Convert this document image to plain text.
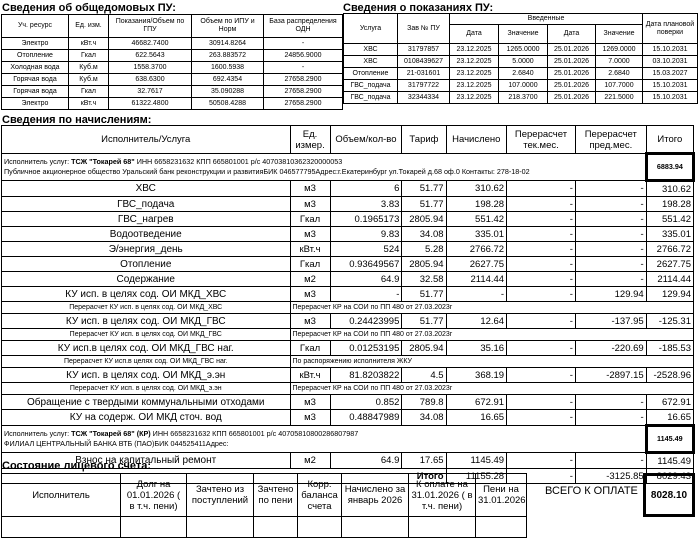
Сведения об общедомовых ПУ:
Уч. ресурс	Ед. изм.	Показания/Объем по ГПУ	Объем по ИПУ и Норм	База распределения ОДН
Электро	кВт.ч	46682.7400	30914.8264	-
Отопление	Гкал	622.5643	263.883572	24856.9000
Холодная вода	Куб.м	1558.3700	1600.5938	-
Горячая вода	Куб.м	638.6300	692.4354	27658.2900
Горячая вода	Гкал	32.7617	35.090288	27658.2900
Электро	кВт.ч	61322.4800	50508.4288	27658.2900
Сведения о показаниях ПУ:
Услуга	Зав № ПУ	Введенные				Дата плановой поверки
		Дата	Значение	Дата	Значение	
ХВС	31797857	23.12.2025	1265.0000	25.01.2026	1269.0000	15.10.2031
ХВС	0108439627	23.12.2025	5.0000	25.01.2026	7.0000	03.10.2031
Отопление	21-031601	23.12.2025	2.6840	25.01.2026	2.6840	15.03.2027
ГВС_подача	31797722	23.12.2025	107.0000	25.01.2026	107.7000	15.10.2031
ГВС_подача	32344334	23.12.2025	218.3700	25.01.2026	221.5000	15.10.2031
Сведения по начислениям:
Исполнитель/Услуга	Ед. измер.	Объем/кол-во	Тариф	Начислено	Перерасчет тек.мес.	Перерасчет пред.мес.	Итого
Исполнитель услуг: ТСЖ "Токарей 68" ИНН 6658231632 КПП 665801001 р/с 40703810362320000053
Публичное акционерное общество Уральский банк реконструкции и развитияБИК 046577795Адрес:г.Екатеринбург ул.Токарей д.68 оф.0 Контакты: 278-18-02							6883.94
ХВС	м3	6	51.77	310.62	-	-	310.62
ГВС_подача	м3	3.83	51.77	198.28	-	-	198.28
ГВС_нагрев	Гкал	0.1965173	2805.94	551.42	-	-	551.42
Водоотведение	м3	9.83	34.08	335.01	-	-	335.01
Э/энергия_день	кВт.ч	524	5.28	2766.72	-	-	2766.72
Отопление	Гкал	0.93649567	2805.94	2627.75	-	-	2627.75
Содержание	м2	64.9	32.58	2114.44	-	-	2114.44
КУ исп. в целях сод. ОИ МКД_ХВС	м3	-	51.77	-	-	129.94	129.94
Перерасчет КУ исп. в целях сод. ОИ МКД_ХВС	Перерасчет КР на СОИ по ПП 480 от 27.03.2023г						
КУ исп. в целях сод. ОИ МКД_ГВС	м3	0.24423995	51.77	12.64	-	-137.95	-125.31
Перерасчет КУ исп. в целях сод. ОИ МКД_ГВС	Перерасчет КР на СОИ по ПП 480 от 27.03.2023г						
КУ исп.в целях сод. ОИ МКД_ГВС наг.	Гкал	0.01253195	2805.94	35.16	-	-220.69	-185.53
Перерасчет КУ исп.в целях сод. ОИ МКД_ГВС наг.	По распоряжению исполнителя ЖКУ						
КУ исп. в целях сод. ОИ МКД_э.эн	кВт.ч	81.8203822	4.5	368.19	-	-2897.15	-2528.96
Перерасчет КУ исп. в целях сод. ОИ МКД_э.эн	Перерасчет КР на СОИ по ПП 480 от 27.03.2023г						
Обращение с твердыми коммунальными отходами	м3	0.852	789.8	672.91	-	-	672.91
КУ на содерж. ОИ МКД сточ. вод	м3	0.48847989	34.08	16.65	-	-	16.65
Исполнитель услуг: ТСЖ "Токарей 68" (КР) ИНН 6658231632 КПП 665801001 р/с 40705810800286807987
ФИЛИАЛ ЦЕНТРАЛЬНЫЙ БАНКА ВТБ (ПАО)БИК 044525411Адрес:							1145.49
Взнос на капитальный ремонт	м2	64.9	17.65	1145.49	-	-	1145.49
			Итого	11155.28	-	-3125.85	8029.43
Состояние лицевого счета:
Исполнитель	Долг на 01.01.2026 ( в т.ч. пени)	Зачтено из поступлений	Зачтено по пени	Корр. баланса счета	Начислено за январь 2026	К оплате на 31.01.2026 ( в т.ч. пени)	Пени на 31.01.2026

ВСЕГО К ОПЛАТЕ	8028.10
